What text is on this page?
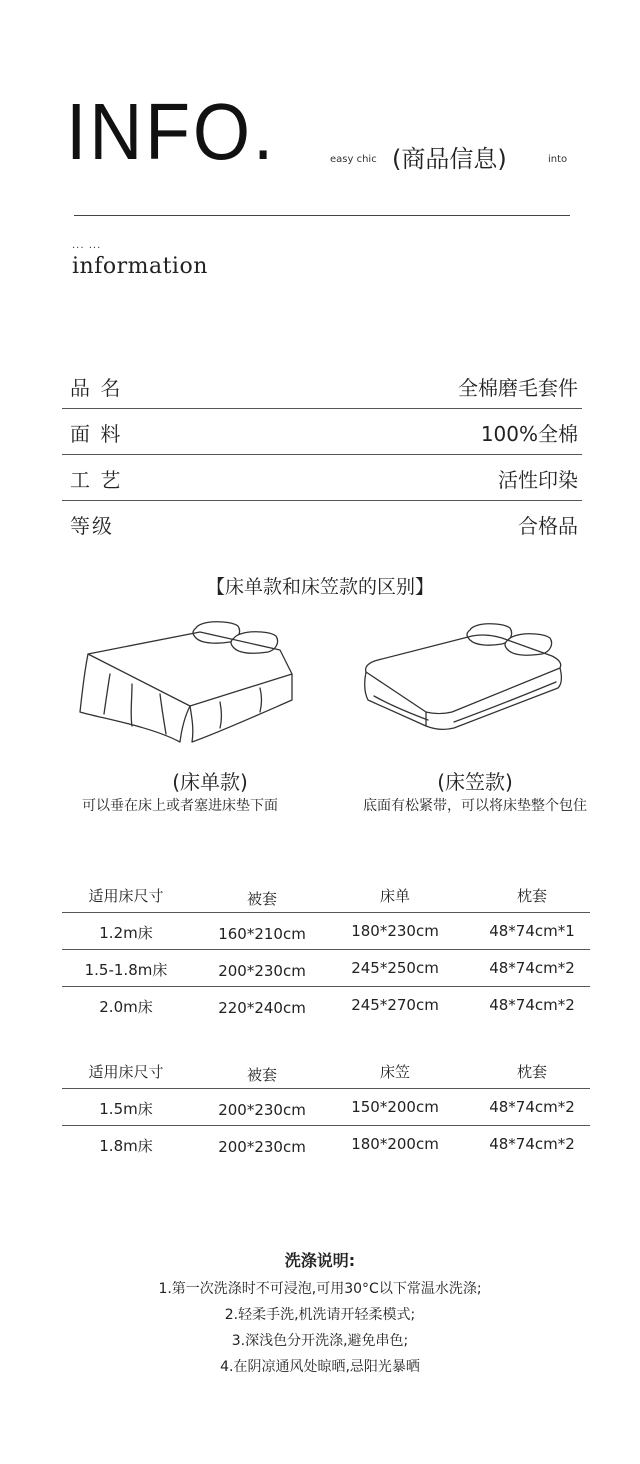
INFO.	easy chic (商品信息)	into
... ...
information
品 名	全棉磨毛套件
面 料	100%全棉
工 艺	活性印染
等级	合格品
【床单款和床笠款的区别】
(床单款)
可以垂在床上或者塞进床垫下面
(床笠款)
底面有松紧带，可以将床垫整个包住
适用床尺寸	被套	床单	枕套
1.2m床	160*210cm	180*230cm	48*74cm*1
1.5-1.8m床	200*230cm	245*250cm	48*74cm*2
2.0m床	220*240cm	245*270cm	48*74cm*2
适用床尺寸	被套	床笠	枕套
1.5m床	200*230cm	150*200cm	48*74cm*2
1.8m床	200*230cm	180*200cm	48*74cm*2
洗涤说明:
1.第一次洗涤时不可浸泡,可用30°C以下常温水洗涤;
2.轻柔手洗,机洗请开轻柔模式;
3.深浅色分开洗涤,避免串色;
4.在阴凉通风处晾晒,忌阳光暴晒
